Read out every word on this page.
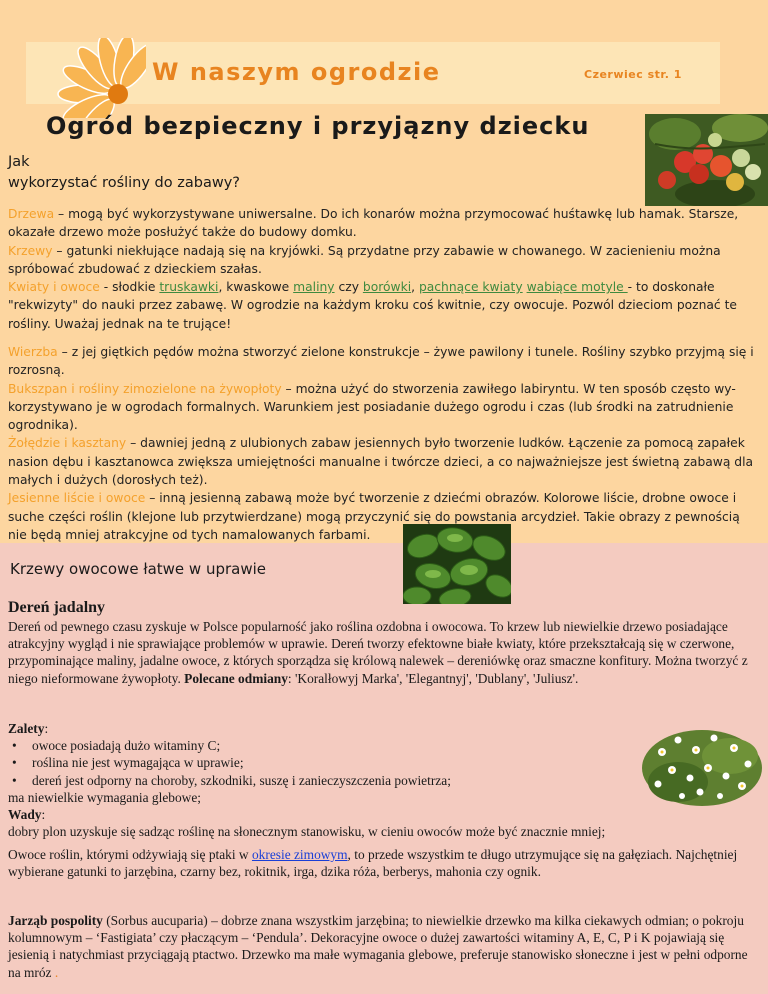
W naszym ogrodzie	Czerwiec str. 1
Ogród bezpieczny i przyjązny dziecku
Jak
wykorzystać rośliny do zabawy?

Drzewa – mogą być wykorzystywane uniwersalne. Do ich konarów można przymocować huśtawkę lub hamak. Starsze, okazałe drzewo może posłużyć także do budowy domku.

Krzewy – gatunki niekłujące nadają się na kryjówki. Są przydatne przy zabawie w chowanego. W zacienieniu można spróbować zbudować z dzieckiem szałas.

Kwiaty i owoce - słodkie truskawki, kwaskowe maliny czy borówki, pachnące kwiaty wabiące motyle - to doskonałe "rekwizyty" do nauki przez zabawę. W ogrodzie na każdym kroku coś kwitnie, czy owocuje. Pozwól dzieciom poznać te rośliny. Uważaj jednak na te trujące!

Wierzba – z jej giętkich pędów można stworzyć zielone konstrukcje – żywe pawilony i tunele. Rośliny szybko przyjmą się i rozrosną.

Bukszpan i rośliny zimozielone na żywopłoty – można użyć do stworzenia zawiłego labiryntu. W ten sposób często wy-korzystywano je w ogrodach formalnych. Warunkiem jest posiadanie dużego ogrodu i czas (lub środki na zatrudnienie ogrodnika).

Żołędzie i kasztany – dawniej jedną z ulubionych zabaw jesiennych było tworzenie ludków. Łączenie za pomocą zapałek nasion dębu i kasztanowca zwiększa umiejętności manualne i twórcze dzieci, a co najważniejsze jest świetną zabawą dla małych i dużych (dorosłych też).

Jesienne liście i owoce – inną jesienną zabawą może być tworzenie z dziećmi obrazów. Kolorowe liście, drobne owoce i suche części roślin (klejone lub przytwierdzane) mogą przyczynić się do powstania arcydzieł. Takie obrazy z pewnością nie będą mniej atrakcyjne od tych namalowanych farbami.

Krzewy owocowe łatwe w uprawie
Dereń jadalny

Dereń od pewnego czasu zyskuje w Polsce popularność jako roślina ozdobna i owocowa. To krzew lub niewielkie drzewo posiadające atrakcyjny wygląd i nie sprawiające problemów w uprawie. Dereń tworzy efektowne białe kwiaty, które przekształcają się w czerwone, przypominające maliny, jadalne owoce, z których sporządza się królową nalewek – dereniówkę oraz smaczne konfitury. Można tworzyć z niego nieformowane żywopłoty. Polecane odmiany: 'Koralłowyj Marka', 'Elegantnyj', 'Dublany', 'Juliusz'.

Zalety:

• owoce posiadają dużo witaminy C;
• roślina nie jest wymagająca w uprawie;
• dereń jest odporny na choroby, szkodniki, suszę i zanieczyszczenia powietrza;

ma niewielkie wymagania glebowe;

Wady:

dobry plon uzyskuje się sadząc roślinę na słonecznym stanowisku, w cieniu owoców może być znacznie mniej;

Owoce roślin, którymi odżywiają się ptaki w okresie zimowym, to przede wszystkim te długo utrzymujące się na gałęziach. Najchętniej wybierane gatunki to jarzębina, czarny bez, rokitnik, irga, dzika róża, berberys, mahonia czy ognik.

Jarząb pospolity (Sorbus aucuparia) – dobrze znana wszystkim jarzębina; to niewielkie drzewko ma kilka ciekawych odmian; o pokroju kolumnowym – ‘Fastigiata’ czy płaczącym – ‘Pendula’. Dekoracyjne owoce o dużej zawartości witaminy A, E, C, P i K pojawiają się jesienią i natychmiast przyciągają ptactwo. Drzewko ma małe wymagania glebowe, preferuje stanowisko słoneczne i jest w pełni odporne na mróz .
